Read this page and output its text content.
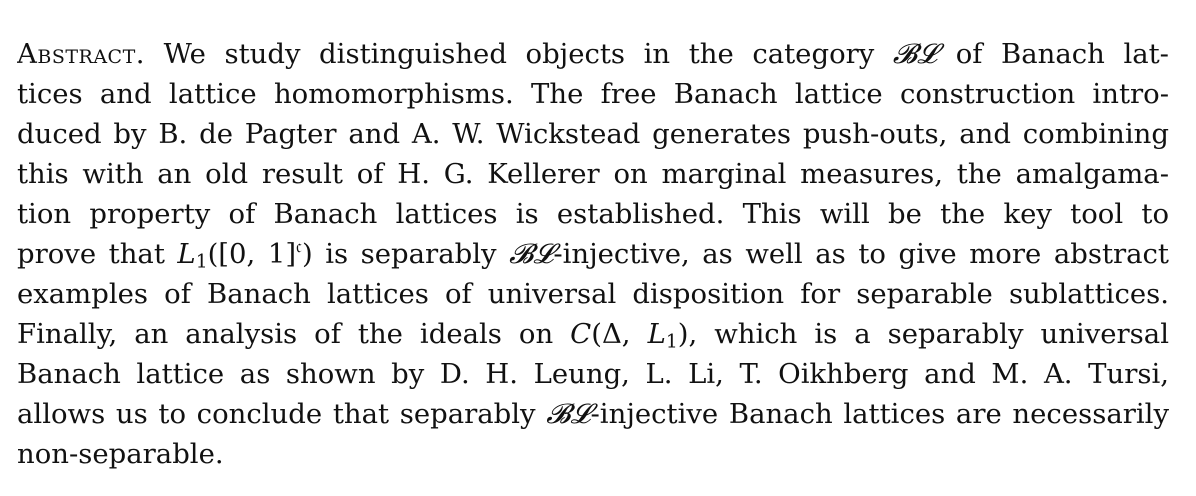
Abstract. We study distinguished objects in the category 𝓑𝓛 of Banach lat-
tices and lattice homomorphisms. The free Banach lattice construction intro-
duced by B. de Pagter and A. W. Wickstead generates push-outs, and combining
this with an old result of H. G. Kellerer on marginal measures, the amalgama-
tion property of Banach lattices is established. This will be the key tool to
prove that $L_1([0$, 1]$^𝔠$) is separably 𝓑𝓛-injective, as well as to give more abstract
examples of Banach lattices of universal disposition for separable sublattices.
Finally, an analysis of the ideals on C(Δ, $L_1$), which is a separably universal
Banach lattice as shown by D. H. Leung, L. Li, T. Oikhberg and M. A. Tursi,
allows us to conclude that separably 𝓑𝓛-injective Banach lattices are necessarily
non-separable.
